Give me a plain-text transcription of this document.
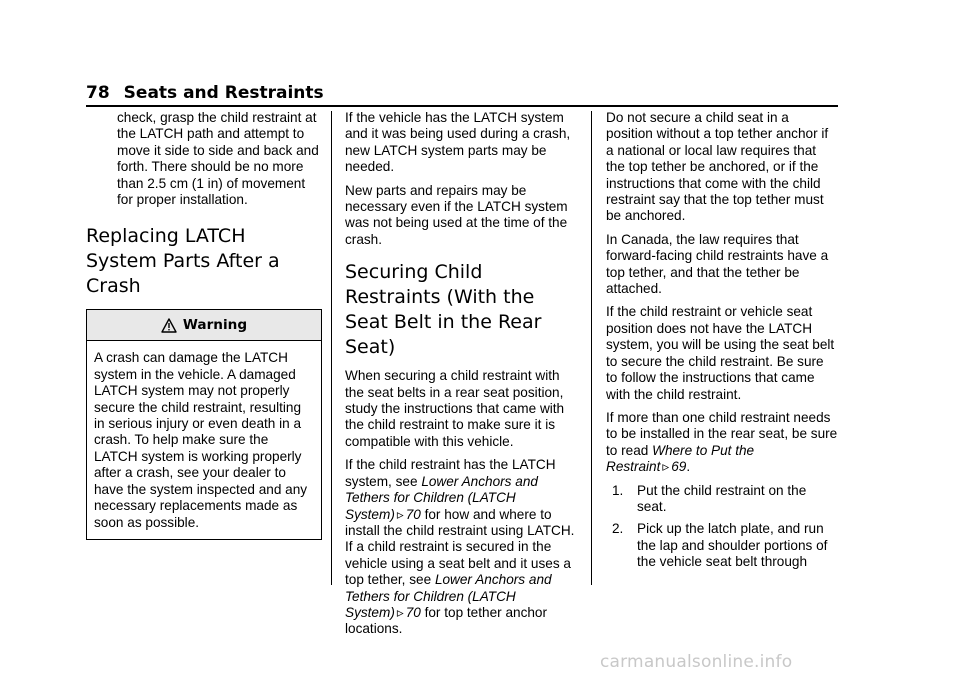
78 Seats and Restraints

check, grasp the child restraint at the LATCH path and attempt to move it side to side and back and forth. There should be no more than 2.5 cm (1 in) of movement for proper installation.

Replacing LATCH System Parts After a Crash
Warning
A crash can damage the LATCH system in the vehicle. A damaged LATCH system may not properly secure the child restraint, resulting in serious injury or even death in a crash. To help make sure the LATCH system is working properly after a crash, see your dealer to have the system inspected and any necessary replacements made as soon as possible.

If the vehicle has the LATCH system and it was being used during a crash, new LATCH system parts may be needed.

New parts and repairs may be necessary even if the LATCH system was not being used at the time of the crash.

Securing Child Restraints (With the Seat Belt in the Rear Seat)

When securing a child restraint with the seat belts in a rear seat position, study the instructions that came with the child restraint to make sure it is compatible with this vehicle.

If the child restraint has the LATCH system, see Lower Anchors and Tethers for Children (LATCH System) ▹ 70 for how and where to install the child restraint using LATCH. If a child restraint is secured in the vehicle using a seat belt and it uses a top tether, see Lower Anchors and Tethers for Children (LATCH System) ▹ 70 for top tether anchor locations.

Do not secure a child seat in a position without a top tether anchor if a national or local law requires that the top tether be anchored, or if the instructions that come with the child restraint say that the top tether must be anchored.

In Canada, the law requires that forward-facing child restraints have a top tether, and that the tether be attached.

If the child restraint or vehicle seat position does not have the LATCH system, you will be using the seat belt to secure the child restraint. Be sure to follow the instructions that came with the child restraint.

If more than one child restraint needs to be installed in the rear seat, be sure to read Where to Put the Restraint ▹ 69.

1. Put the child restraint on the seat.
2. Pick up the latch plate, and run the lap and shoulder portions of the vehicle seat belt through
carmanualsonline.info
